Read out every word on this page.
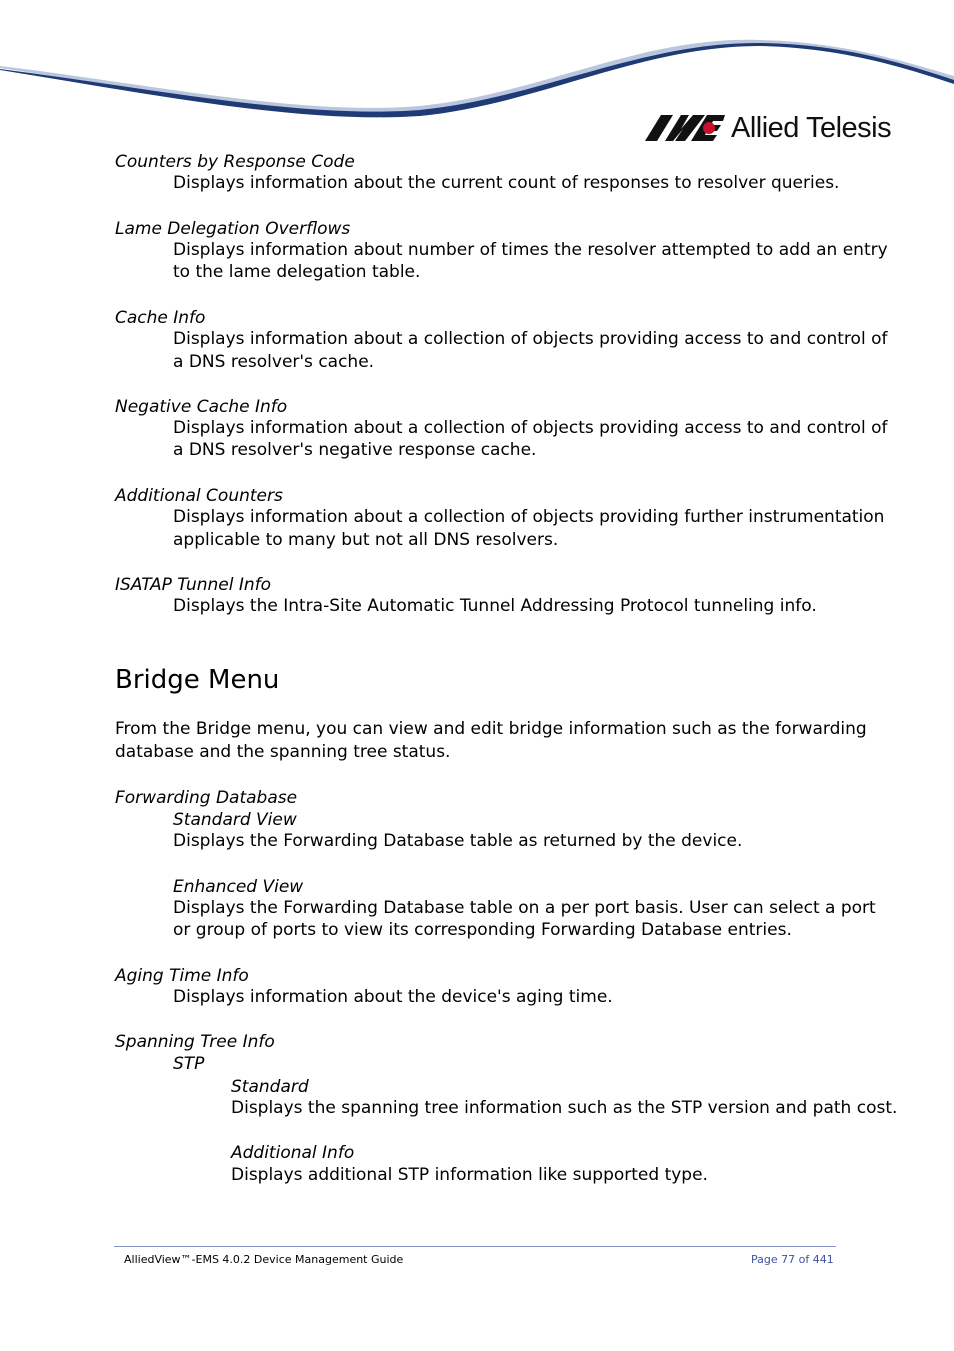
Allied Telesis
Counters by Response Code
Displays information about the current count of responses to resolver queries.
Lame Delegation Overflows
Displays information about number of times the resolver attempted to add an entry
to the lame delegation table.
Cache Info
Displays information about a collection of objects providing access to and control of
a DNS resolver's cache.
Negative Cache Info
Displays information about a collection of objects providing access to and control of
a DNS resolver's negative response cache.
Additional Counters
Displays information about a collection of objects providing further instrumentation
applicable to many but not all DNS resolvers.
ISATAP Tunnel Info
Displays the Intra-Site Automatic Tunnel Addressing Protocol tunneling info.
Bridge Menu
From the Bridge menu, you can view and edit bridge information such as the forwarding
database and the spanning tree status.
Forwarding Database
Standard View
Displays the Forwarding Database table as returned by the device.
Enhanced View
Displays the Forwarding Database table on a per port basis. User can select a port
or group of ports to view its corresponding Forwarding Database entries.
Aging Time Info
Displays information about the device's aging time.
Spanning Tree Info
STP
Standard
Displays the spanning tree information such as the STP version and path cost.
Additional Info
Displays additional STP information like supported type.
AlliedView™-EMS 4.0.2 Device Management Guide	Page 77 of 441
